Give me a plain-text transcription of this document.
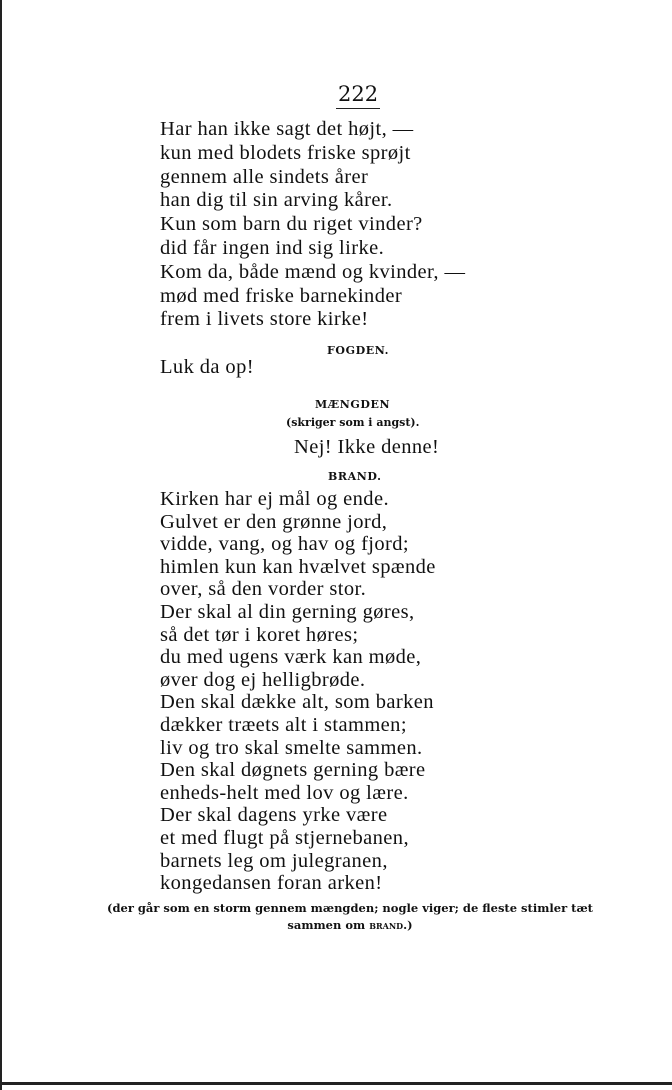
222
Har han ikke sagt det højt, —
kun med blodets friske sprøjt
gennem alle sindets årer
han dig til sin arving kårer.
Kun som barn du riget vinder?
did får ingen ind sig lirke.
Kom da, både mænd og kvinder, —
mød med friske barnekinder
frem i livets store kirke!
FOGDEN.
Luk da op!
MÆNGDEN
(skriger som i angst).
Nej! Ikke denne!
BRAND.
Kirken har ej mål og ende.
Gulvet er den grønne jord,
vidde, vang, og hav og fjord;
himlen kun kan hvælvet spænde
over, så den vorder stor.
Der skal al din gerning gøres,
så det tør i koret høres;
du med ugens værk kan møde,
øver dog ej helligbrøde.
Den skal dække alt, som barken
dækker træets alt i stammen;
liv og tro skal smelte sammen.
Den skal døgnets gerning bære
enheds-helt med lov og lære.
Der skal dagens yrke være
et med flugt på stjernebanen,
barnets leg om julegranen,
kongedansen foran arken!
(der går som en storm gennem mængden; nogle viger; de fleste stimler tæt sammen om brand.)
